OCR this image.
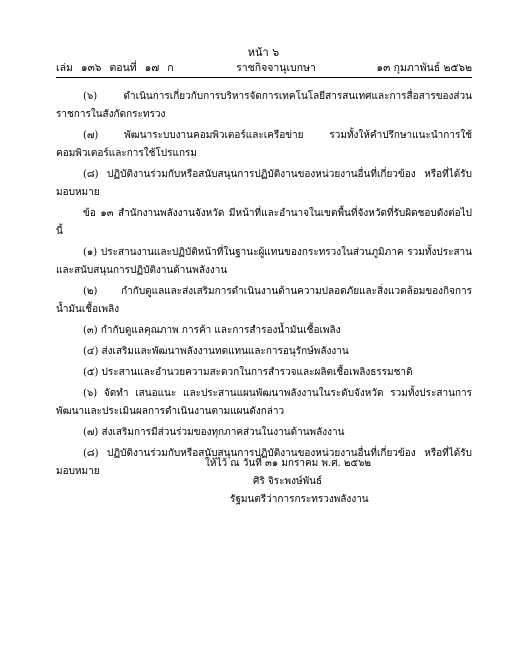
หน้า ๖
เล่ม ๑๓๖ ตอนที่ ๑๗ ก	ราชกิจจานุเบกษา	๑๓ กุมภาพันธ์ ๒๕๖๒

(๖) ดำเนินการเกี่ยวกับการบริหารจัดการเทคโนโลยีสารสนเทศและการสื่อสารของส่วนราชการในสังกัดกระทรวง

(๗) พัฒนาระบบงานคอมพิวเตอร์และเครือข่าย รวมทั้งให้คำปรึกษาแนะนำการใช้คอมพิวเตอร์และการใช้โปรแกรม

(๘) ปฏิบัติงานร่วมกับหรือสนับสนุนการปฏิบัติงานของหน่วยงานอื่นที่เกี่ยวข้อง หรือที่ได้รับมอบหมาย

ข้อ ๑๓ สำนักงานพลังงานจังหวัด มีหน้าที่และอำนาจในเขตพื้นที่จังหวัดที่รับผิดชอบดังต่อไปนี้

(๑) ประสานงานและปฏิบัติหน้าที่ในฐานะผู้แทนของกระทรวงในส่วนภูมิภาค รวมทั้งประสานและสนับสนุนการปฏิบัติงานด้านพลังงาน

(๒) กำกับดูแลและส่งเสริมการดำเนินงานด้านความปลอดภัยและสิ่งแวดล้อมของกิจการน้ำมันเชื้อเพลิง

(๓) กำกับดูแลคุณภาพ การค้า และการสำรองน้ำมันเชื้อเพลิง

(๔) ส่งเสริมและพัฒนาพลังงานทดแทนและการอนุรักษ์พลังงาน

(๕) ประสานและอำนวยความสะดวกในการสำรวจและผลิตเชื้อเพลิงธรรมชาติ

(๖) จัดทำ เสนอแนะ และประสานแผนพัฒนาพลังงานในระดับจังหวัด รวมทั้งประสานการพัฒนาและประเมินผลการดำเนินงานตามแผนดังกล่าว

(๗) ส่งเสริมการมีส่วนร่วมของทุกภาคส่วนในงานด้านพลังงาน

(๘) ปฏิบัติงานร่วมกับหรือสนับสนุนการปฏิบัติงานของหน่วยงานอื่นที่เกี่ยวข้อง หรือที่ได้รับมอบหมาย

ให้ไว้ ณ วันที่ ๓๑ มกราคม พ.ศ. ๒๕๖๒
ศิริ จิระพงษ์พันธ์
รัฐมนตรีว่าการกระทรวงพลังงาน
